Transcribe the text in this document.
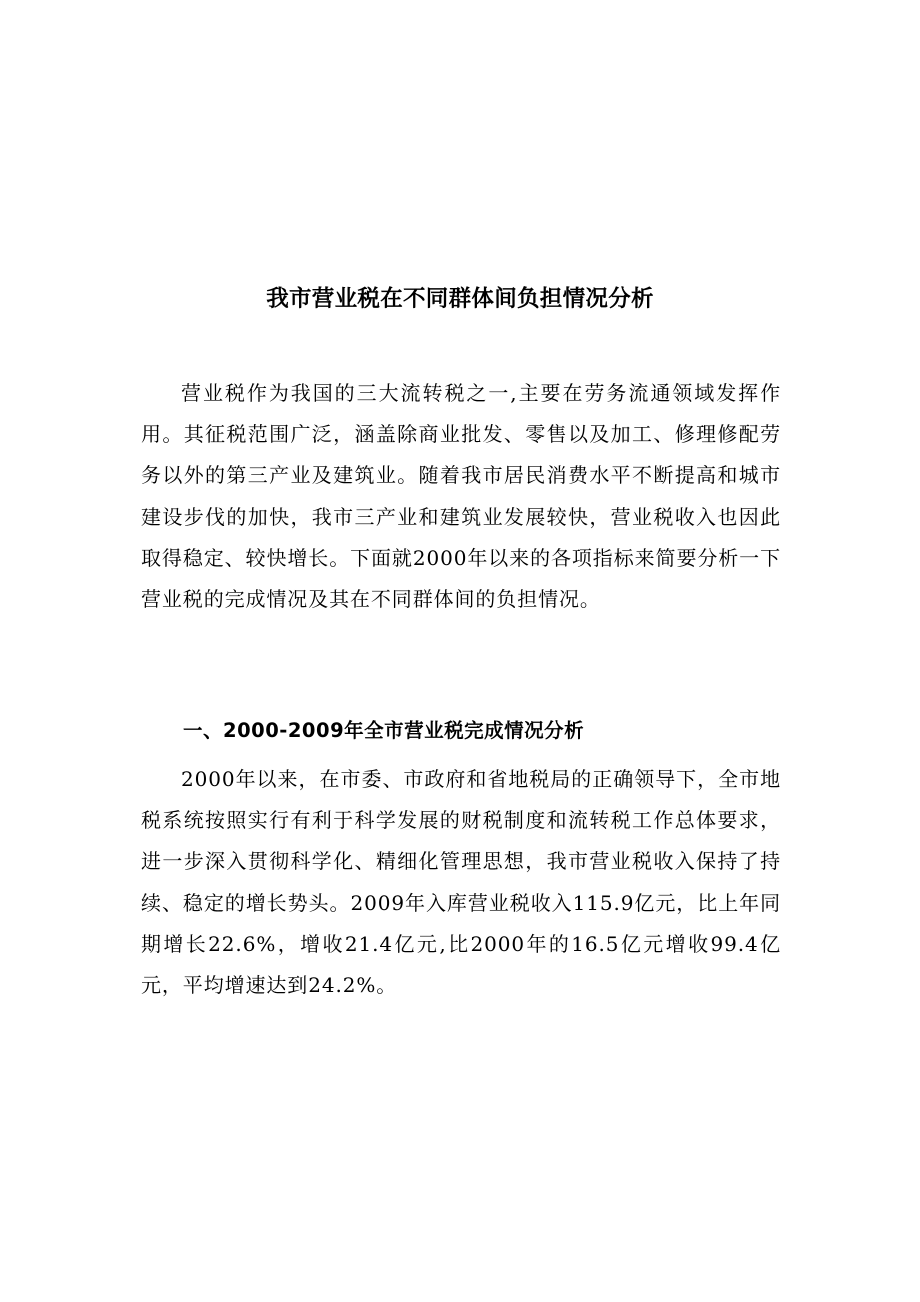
我市营业税在不同群体间负担情况分析

营业税作为我国的三大流转税之一,主要在劳务流通领域发挥作用。其征税范围广泛，涵盖除商业批发、零售以及加工、修理修配劳务以外的第三产业及建筑业。随着我市居民消费水平不断提高和城市建设步伐的加快，我市三产业和建筑业发展较快，营业税收入也因此取得稳定、较快增长。下面就2000年以来的各项指标来简要分析一下营业税的完成情况及其在不同群体间的负担情况。

一、2000-2009年全市营业税完成情况分析

2000年以来，在市委、市政府和省地税局的正确领导下，全市地税系统按照实行有利于科学发展的财税制度和流转税工作总体要求，进一步深入贯彻科学化、精细化管理思想，我市营业税收入保持了持续、稳定的增长势头。2009年入库营业税收入115.9亿元，比上年同期增长22.6%，增收21.4亿元,比2000年的16.5亿元增收99.4亿元，平均增速达到24.2%。
